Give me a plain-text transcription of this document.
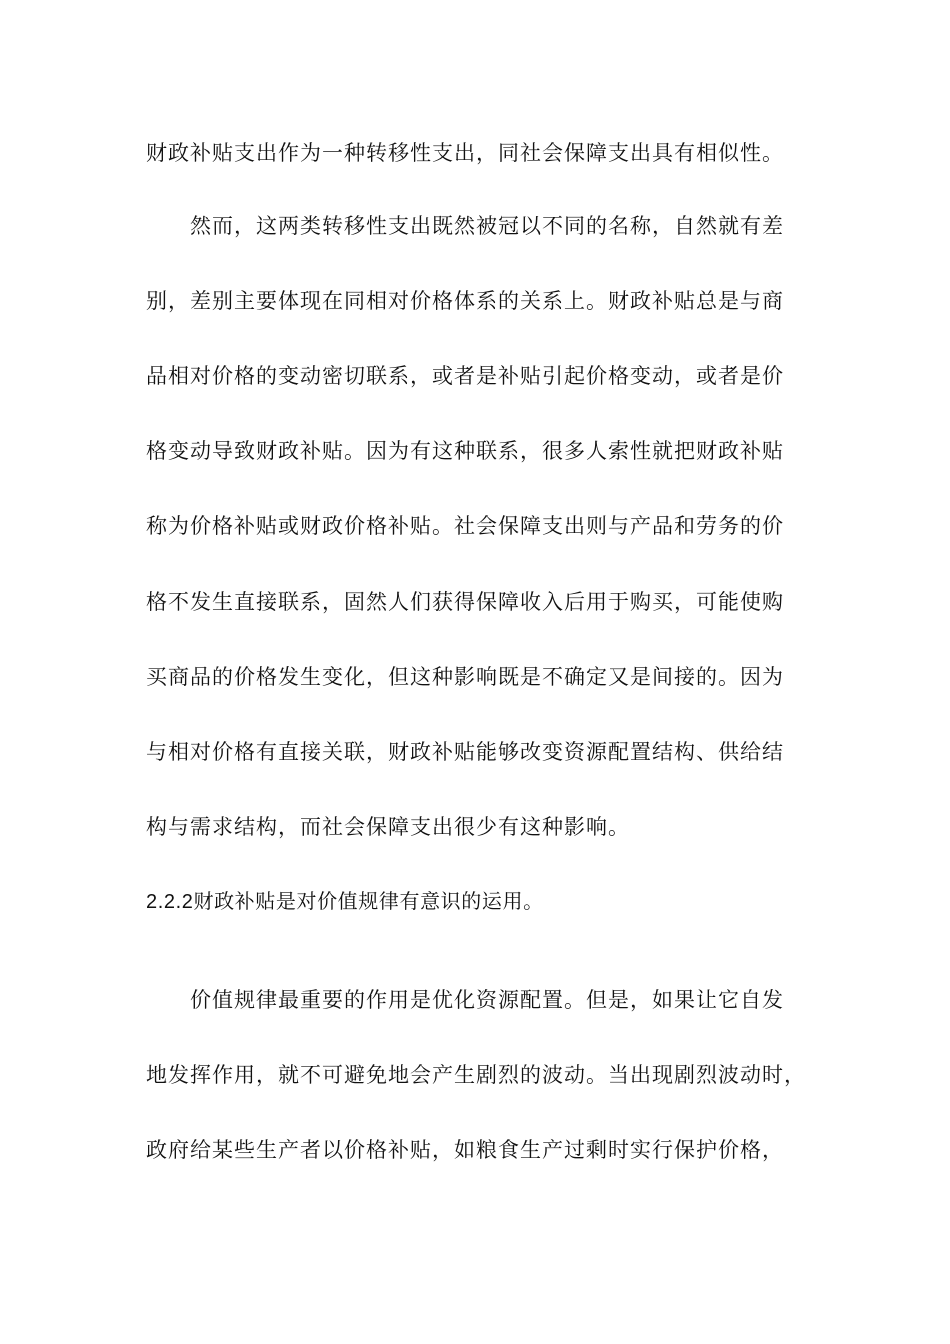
财政补贴支出作为一种转移性支出，同社会保障支出具有相似性。
然而，这两类转移性支出既然被冠以不同的名称，自然就有差
别，差别主要体现在同相对价格体系的关系上。财政补贴总是与商
品相对价格的变动密切联系，或者是补贴引起价格变动，或者是价
格变动导致财政补贴。因为有这种联系，很多人索性就把财政补贴
称为价格补贴或财政价格补贴。社会保障支出则与产品和劳务的价
格不发生直接联系，固然人们获得保障收入后用于购买，可能使购
买商品的价格发生变化，但这种影响既是不确定又是间接的。因为
与相对价格有直接关联，财政补贴能够改变资源配置结构、供给结
构与需求结构，而社会保障支出很少有这种影响。
2.2.2财政补贴是对价值规律有意识的运用。
价值规律最重要的作用是优化资源配置。但是，如果让它自发
地发挥作用，就不可避免地会产生剧烈的波动。当出现剧烈波动时，
政府给某些生产者以价格补贴，如粮食生产过剩时实行保护价格，
